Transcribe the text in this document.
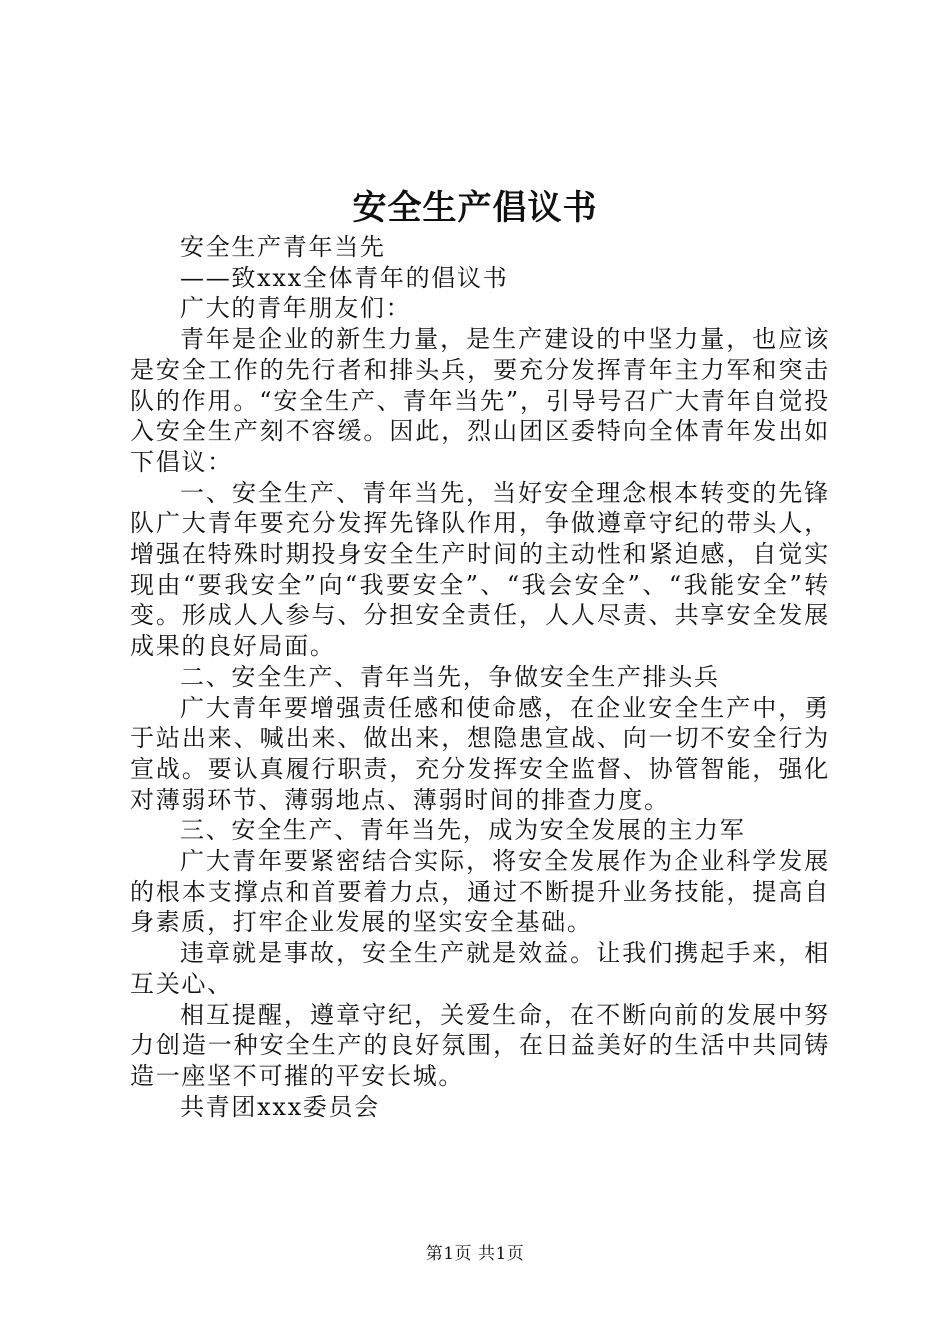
安全生产倡议书

安全生产青年当先

——致xxx全体青年的倡议书

广大的青年朋友们：

青年是企业的新生力量，是生产建设的中坚力量，也应该是安全工作的先行者和排头兵，要充分发挥青年主力军和突击队的作用。“安全生产、青年当先”，引导号召广大青年自觉投入安全生产刻不容缓。因此，烈山团区委特向全体青年发出如下倡议：

一、安全生产、青年当先，当好安全理念根本转变的先锋队广大青年要充分发挥先锋队作用，争做遵章守纪的带头人，增强在特殊时期投身安全生产时间的主动性和紧迫感，自觉实现由“要我安全”向“我要安全”、“我会安全”、“我能安全”转变。形成人人参与、分担安全责任，人人尽责、共享安全发展成果的良好局面。

二、安全生产、青年当先，争做安全生产排头兵

广大青年要增强责任感和使命感，在企业安全生产中，勇于站出来、喊出来、做出来，想隐患宣战、向一切不安全行为宣战。要认真履行职责，充分发挥安全监督、协管智能，强化对薄弱环节、薄弱地点、薄弱时间的排查力度。

三、安全生产、青年当先，成为安全发展的主力军

广大青年要紧密结合实际，将安全发展作为企业科学发展的根本支撑点和首要着力点，通过不断提升业务技能，提高自身素质，打牢企业发展的坚实安全基础。

违章就是事故，安全生产就是效益。让我们携起手来，相互关心、

相互提醒，遵章守纪，关爱生命，在不断向前的发展中努力创造一种安全生产的良好氛围，在日益美好的生活中共同铸造一座坚不可摧的平安长城。

共青团xxx委员会

第1页 共1页
